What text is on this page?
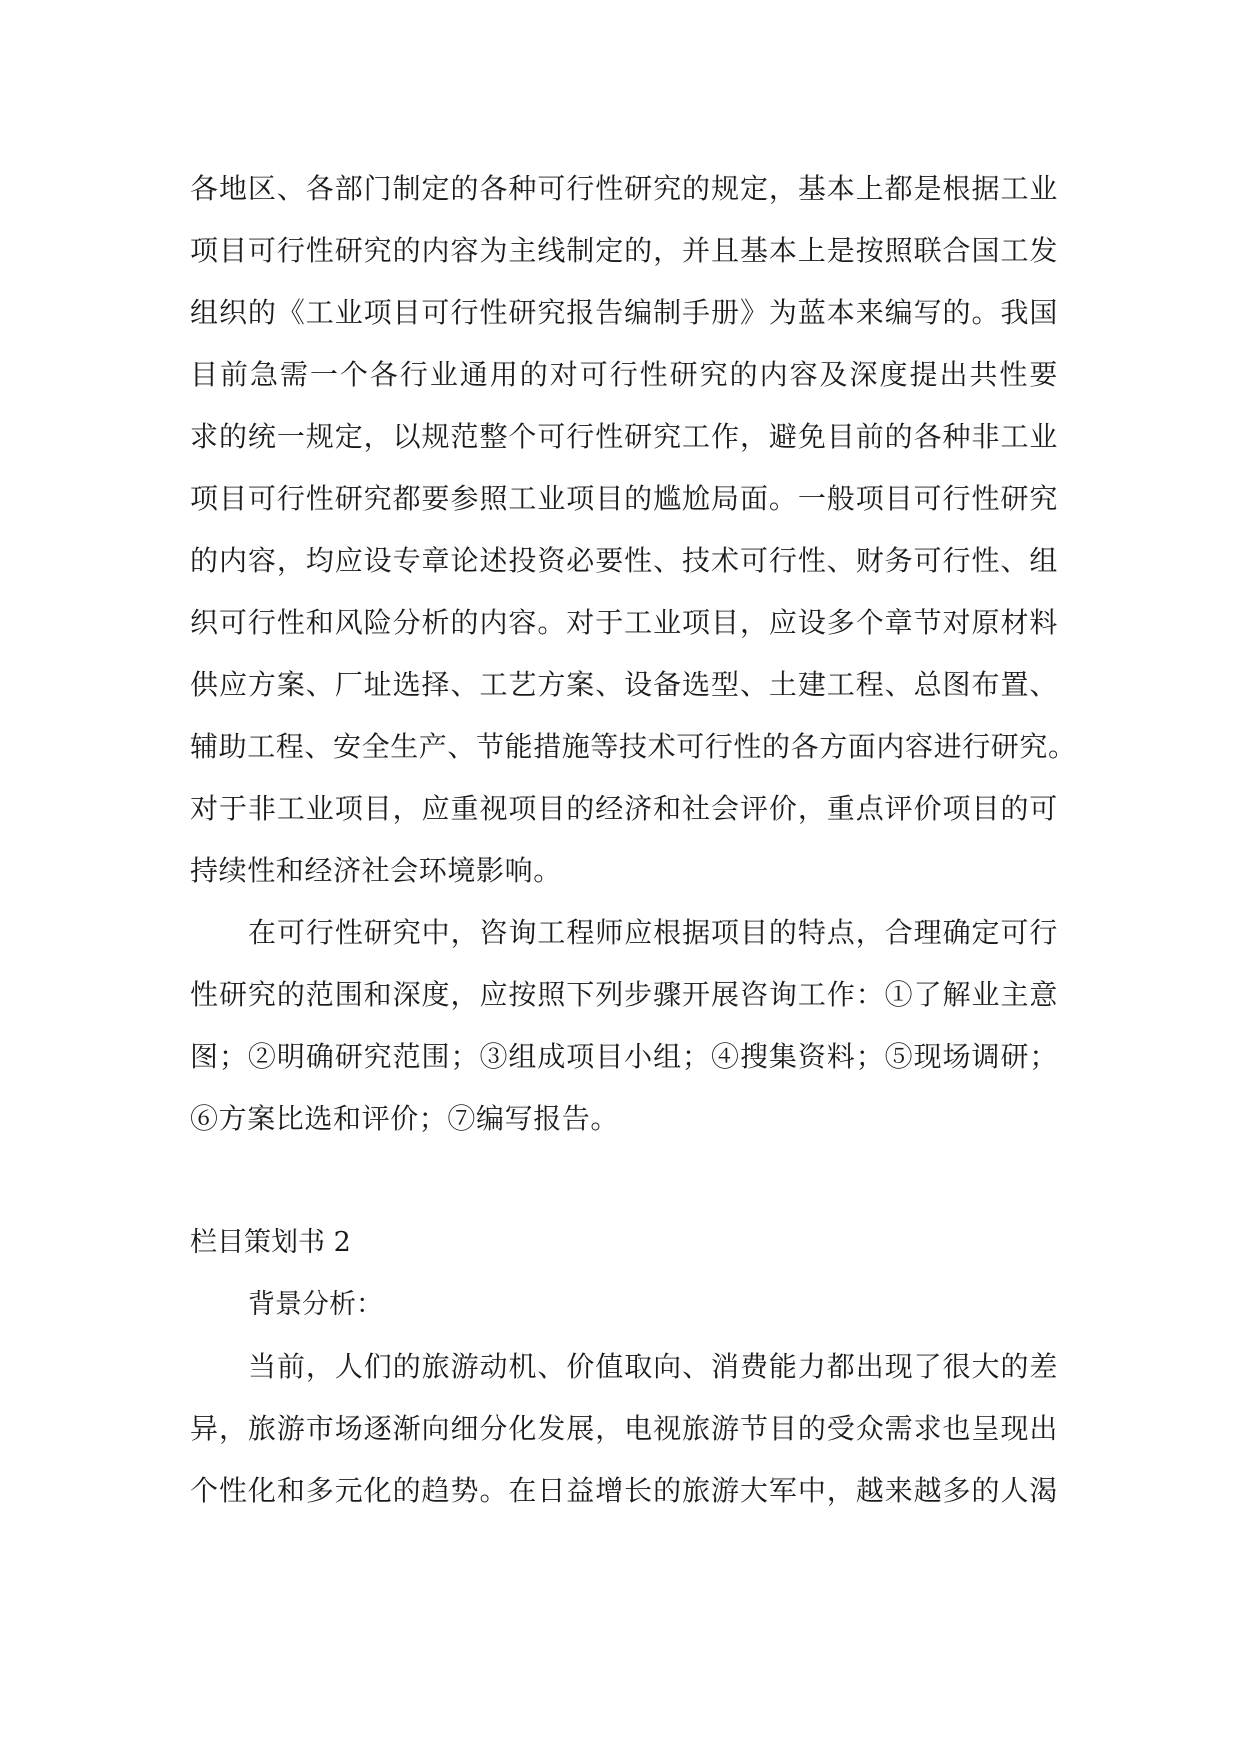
各地区、各部门制定的各种可行性研究的规定，基本上都是根据工业
项目可行性研究的内容为主线制定的，并且基本上是按照联合国工发
组织的《工业项目可行性研究报告编制手册》为蓝本来编写的。我国
目前急需一个各行业通用的对可行性研究的内容及深度提出共性要
求的统一规定，以规范整个可行性研究工作，避免目前的各种非工业
项目可行性研究都要参照工业项目的尴尬局面。一般项目可行性研究
的内容，均应设专章论述投资必要性、技术可行性、财务可行性、组
织可行性和风险分析的内容。对于工业项目，应设多个章节对原材料
供应方案、厂址选择、工艺方案、设备选型、土建工程、总图布置、
辅助工程、安全生产、节能措施等技术可行性的各方面内容进行研究。
对于非工业项目，应重视项目的经济和社会评价，重点评价项目的可
持续性和经济社会环境影响。
在可行性研究中，咨询工程师应根据项目的特点，合理确定可行
性研究的范围和深度，应按照下列步骤开展咨询工作：①了解业主意
图；②明确研究范围；③组成项目小组；④搜集资料；⑤现场调研；
⑥方案比选和评价；⑦编写报告。

栏目策划书 2

背景分析：

当前，人们的旅游动机、价值取向、消费能力都出现了很大的差
异，旅游市场逐渐向细分化发展，电视旅游节目的受众需求也呈现出
个性化和多元化的趋势。在日益增长的旅游大军中，越来越多的人渴
